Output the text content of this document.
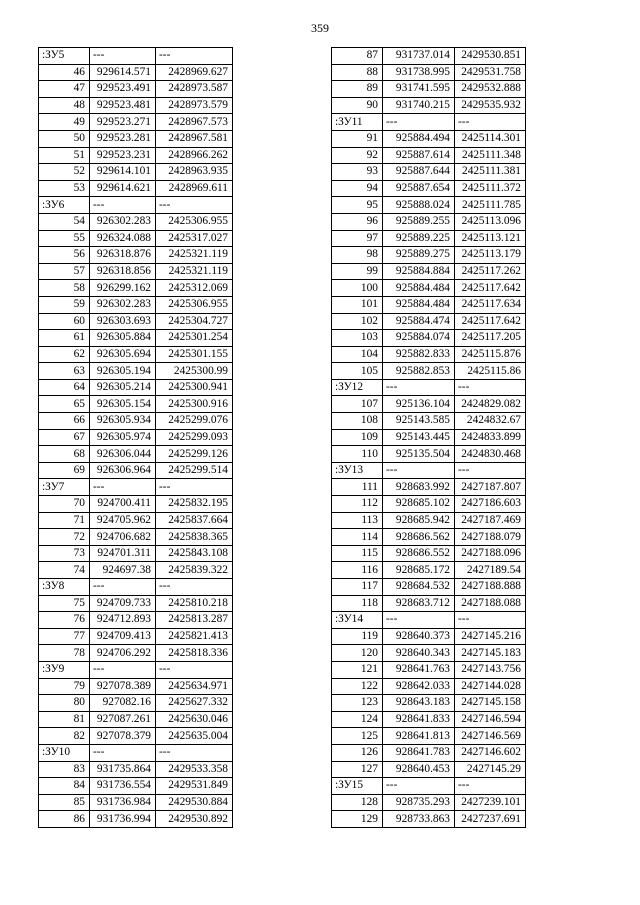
359
:ЗУ5	---	---
46	929614.571	2428969.627
47	929523.491	2428973.587
48	929523.481	2428973.579
49	929523.271	2428967.573
50	929523.281	2428967.581
51	929523.231	2428966.262
52	929614.101	2428963.935
53	929614.621	2428969.611
:ЗУ6	---	---
54	926302.283	2425306.955
55	926324.088	2425317.027
56	926318.876	2425321.119
57	926318.856	2425321.119
58	926299.162	2425312.069
59	926302.283	2425306.955
60	926303.693	2425304.727
61	926305.884	2425301.254
62	926305.694	2425301.155
63	926305.194	2425300.99
64	926305.214	2425300.941
65	926305.154	2425300.916
66	926305.934	2425299.076
67	926305.974	2425299.093
68	926306.044	2425299.126
69	926306.964	2425299.514
:ЗУ7	---	---
70	924700.411	2425832.195
71	924705.962	2425837.664
72	924706.682	2425838.365
73	924701.311	2425843.108
74	924697.38	2425839.322
:ЗУ8	---	---
75	924709.733	2425810.218
76	924712.893	2425813.287
77	924709.413	2425821.413
78	924706.292	2425818.336
:ЗУ9	---	---
79	927078.389	2425634.971
80	927082.16	2425627.332
81	927087.261	2425630.046
82	927078.379	2425635.004
:ЗУ10	---	---
83	931735.864	2429533.358
84	931736.554	2429531.849
85	931736.984	2429530.884
86	931736.994	2429530.892
87	931737.014	2429530.851
88	931738.995	2429531.758
89	931741.595	2429532.888
90	931740.215	2429535.932
:ЗУ11	---	---
91	925884.494	2425114.301
92	925887.614	2425111.348
93	925887.644	2425111.381
94	925887.654	2425111.372
95	925888.024	2425111.785
96	925889.255	2425113.096
97	925889.225	2425113.121
98	925889.275	2425113.179
99	925884.884	2425117.262
100	925884.484	2425117.642
101	925884.484	2425117.634
102	925884.474	2425117.642
103	925884.074	2425117.205
104	925882.833	2425115.876
105	925882.853	2425115.86
:ЗУ12	---	---
107	925136.104	2424829.082
108	925143.585	2424832.67
109	925143.445	2424833.899
110	925135.504	2424830.468
:ЗУ13	---	---
111	928683.992	2427187.807
112	928685.102	2427186.603
113	928685.942	2427187.469
114	928686.562	2427188.079
115	928686.552	2427188.096
116	928685.172	2427189.54
117	928684.532	2427188.888
118	928683.712	2427188.088
:ЗУ14	---	---
119	928640.373	2427145.216
120	928640.343	2427145.183
121	928641.763	2427143.756
122	928642.033	2427144.028
123	928643.183	2427145.158
124	928641.833	2427146.594
125	928641.813	2427146.569
126	928641.783	2427146.602
127	928640.453	2427145.29
:ЗУ15	---	---
128	928735.293	2427239.101
129	928733.863	2427237.691
